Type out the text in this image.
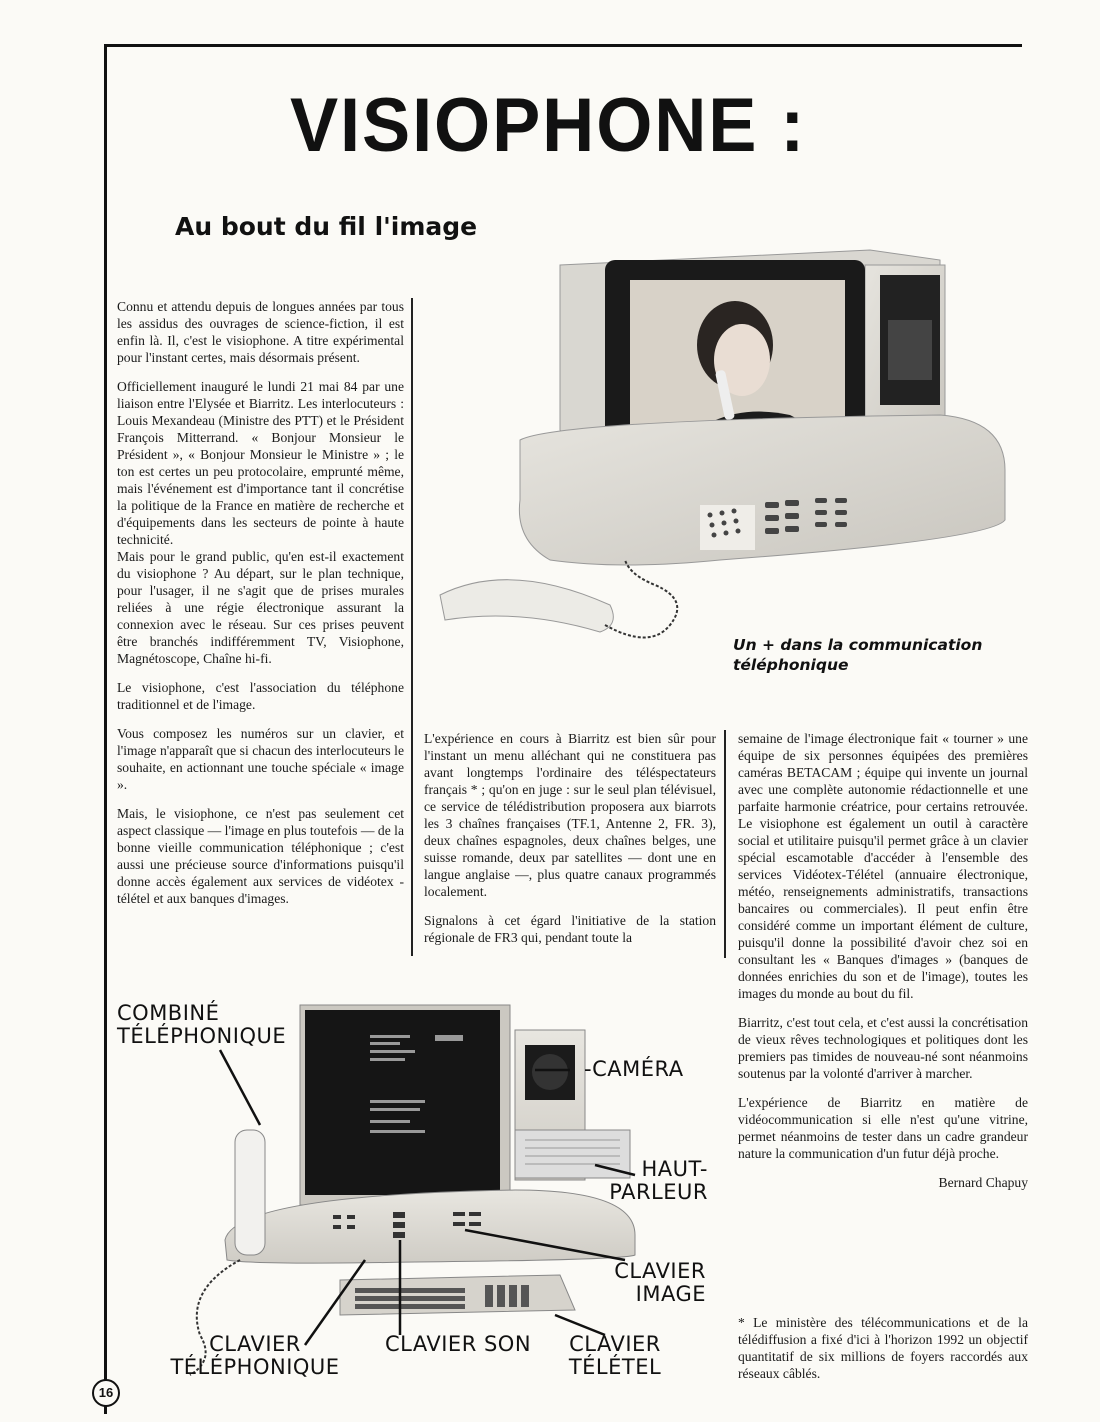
VISIOPHONE :
Au bout du fil l'image

Un + dans la communication téléphonique

Connu et attendu depuis de longues années par tous les assidus des ouvrages de science-fiction, il est enfin là. Il, c'est le visiophone. A titre expérimental pour l'instant certes, mais désormais présent.

Officiellement inauguré le lundi 21 mai 84 par une liaison entre l'Elysée et Biarritz. Les interlocuteurs : Louis Mexandeau (Ministre des PTT) et le Président François Mitterrand. « Bonjour Monsieur le Président », « Bonjour Monsieur le Ministre » ; le ton est certes un peu protocolaire, emprunté même, mais l'événement est d'importance tant il concrétise la politique de la France en matière de recherche et d'équipements dans les secteurs de pointe à haute technicité.

Mais pour le grand public, qu'en est-il exactement du visiophone ? Au départ, sur le plan technique, pour l'usager, il ne s'agit que de prises murales reliées à une régie électronique assurant la connexion avec le réseau. Sur ces prises peuvent être branchés indifféremment TV, Visiophone, Magnétoscope, Chaîne hi-fi.

Le visiophone, c'est l'association du téléphone traditionnel et de l'image.

Vous composez les numéros sur un clavier, et l'image n'apparaît que si chacun des interlocuteurs le souhaite, en actionnant une touche spéciale « image ».

Mais, le visiophone, ce n'est pas seulement cet aspect classique — l'image en plus toutefois — de la bonne vieille communication téléphonique ; c'est aussi une précieuse source d'informations puisqu'il donne accès également aux services de vidéotex - télétel et aux banques d'images.

L'expérience en cours à Biarritz est bien sûr pour l'instant un menu alléchant qui ne constituera pas avant longtemps l'ordinaire des téléspectateurs français * ; qu'on en juge : sur le seul plan télévisuel, ce service de télédistribution proposera aux biarrots les 3 chaînes françaises (TF.1, Antenne 2, FR. 3), deux chaînes espagnoles, deux chaînes belges, une suisse romande, deux par satellites — dont une en langue anglaise —, plus quatre canaux programmés localement.

Signalons à cet égard l'initiative de la station régionale de FR3 qui, pendant toute la

semaine de l'image électronique fait « tourner » une équipe de six personnes équipées des premières caméras BETACAM ; équipe qui invente un journal avec une complète autonomie rédactionnelle et une parfaite harmonie créatrice, pour certains retrouvée. Le visiophone est également un outil à caractère social et utilitaire puisqu'il permet grâce à un clavier spécial escamotable d'accéder à l'ensemble des services Vidéotex-Télétel (annuaire électronique, météo, renseignements administratifs, transactions bancaires ou commerciales). Il peut enfin être considéré comme un important élément de culture, puisqu'il donne la possibilité d'avoir chez soi en consultant les « Banques d'images » (banques de données enrichies du son et de l'image), toutes les images du monde au bout du fil.

Biarritz, c'est tout cela, et c'est aussi la concrétisation de vieux rêves technologiques et politiques dont les premiers pas timides de nouveau-né sont néanmoins soutenus par la volonté d'arriver à marcher.

L'expérience de Biarritz en matière de vidéocommunication si elle n'est qu'une vitrine, permet néanmoins de tester dans un cadre grandeur nature la communication d'un futur déjà proche.

Bernard Chapuy

* Le ministère des télécommunications et de la télédiffusion a fixé d'ici à l'horizon 1992 un objectif quantitatif de six millions de foyers raccordés aux réseaux câblés.
COMBINÉ TÉLÉPHONIQUE
-CAMÉRA
HAUT-PARLEUR
CLAVIER IMAGE
CLAVIER SON
CLAVIER TÉLÉPHONIQUE
CLAVIER TÉLÉTEL
16
